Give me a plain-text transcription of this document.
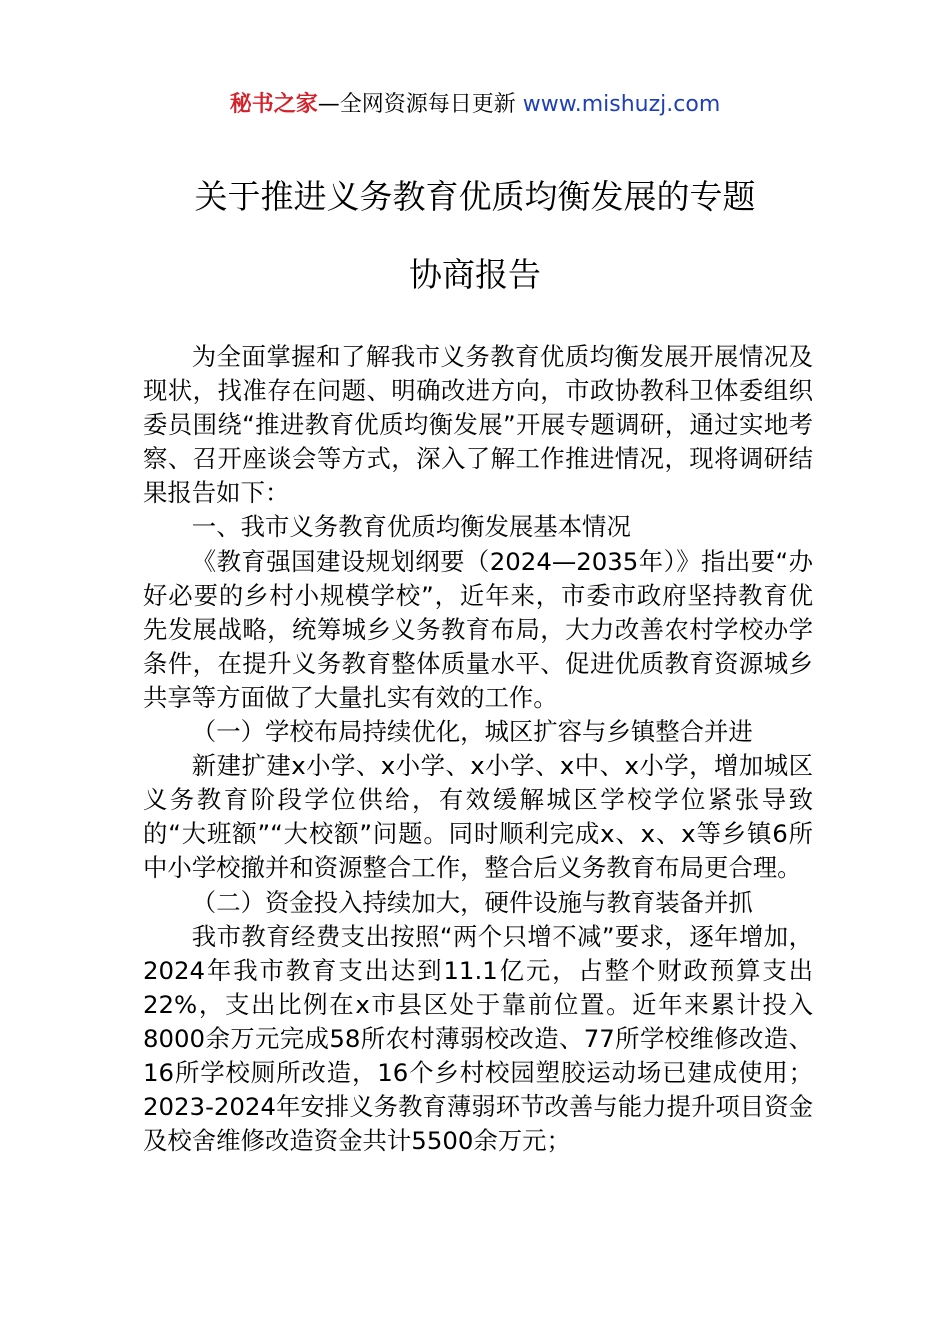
秘书之家—全网资源每日更新 www.mishuzj.com
关于推进义务教育优质均衡发展的专题
协商报告

为全面掌握和了解我市义务教育优质均衡发展开展情况及现状，找准存在问题、明确改进方向，市政协教科卫体委组织委员围绕“推进教育优质均衡发展”开展专题调研，通过实地考察、召开座谈会等方式，深入了解工作推进情况，现将调研结果报告如下：

一、我市义务教育优质均衡发展基本情况

《教育强国建设规划纲要（2024—2035年）》指出要“办好必要的乡村小规模学校”，近年来，市委市政府坚持教育优先发展战略，统筹城乡义务教育布局，大力改善农村学校办学条件，在提升义务教育整体质量水平、促进优质教育资源城乡共享等方面做了大量扎实有效的工作。

（一）学校布局持续优化，城区扩容与乡镇整合并进

新建扩建x小学、x小学、x小学、x中、x小学，增加城区义务教育阶段学位供给，有效缓解城区学校学位紧张导致的“大班额”“大校额”问题。同时顺利完成x、x、x等乡镇6所中小学校撤并和资源整合工作，整合后义务教育布局更合理。

（二）资金投入持续加大，硬件设施与教育装备并抓

我市教育经费支出按照“两个只增不减”要求，逐年增加，2024年我市教育支出达到11.1亿元，占整个财政预算支出22%，支出比例在x市县区处于靠前位置。近年来累计投入8000余万元完成58所农村薄弱校改造、77所学校维修改造、16所学校厕所改造，16个乡村校园塑胶运动场已建成使用；2023-2024年安排义务教育薄弱环节改善与能力提升项目资金及校舍维修改造资金共计5500余万元；
